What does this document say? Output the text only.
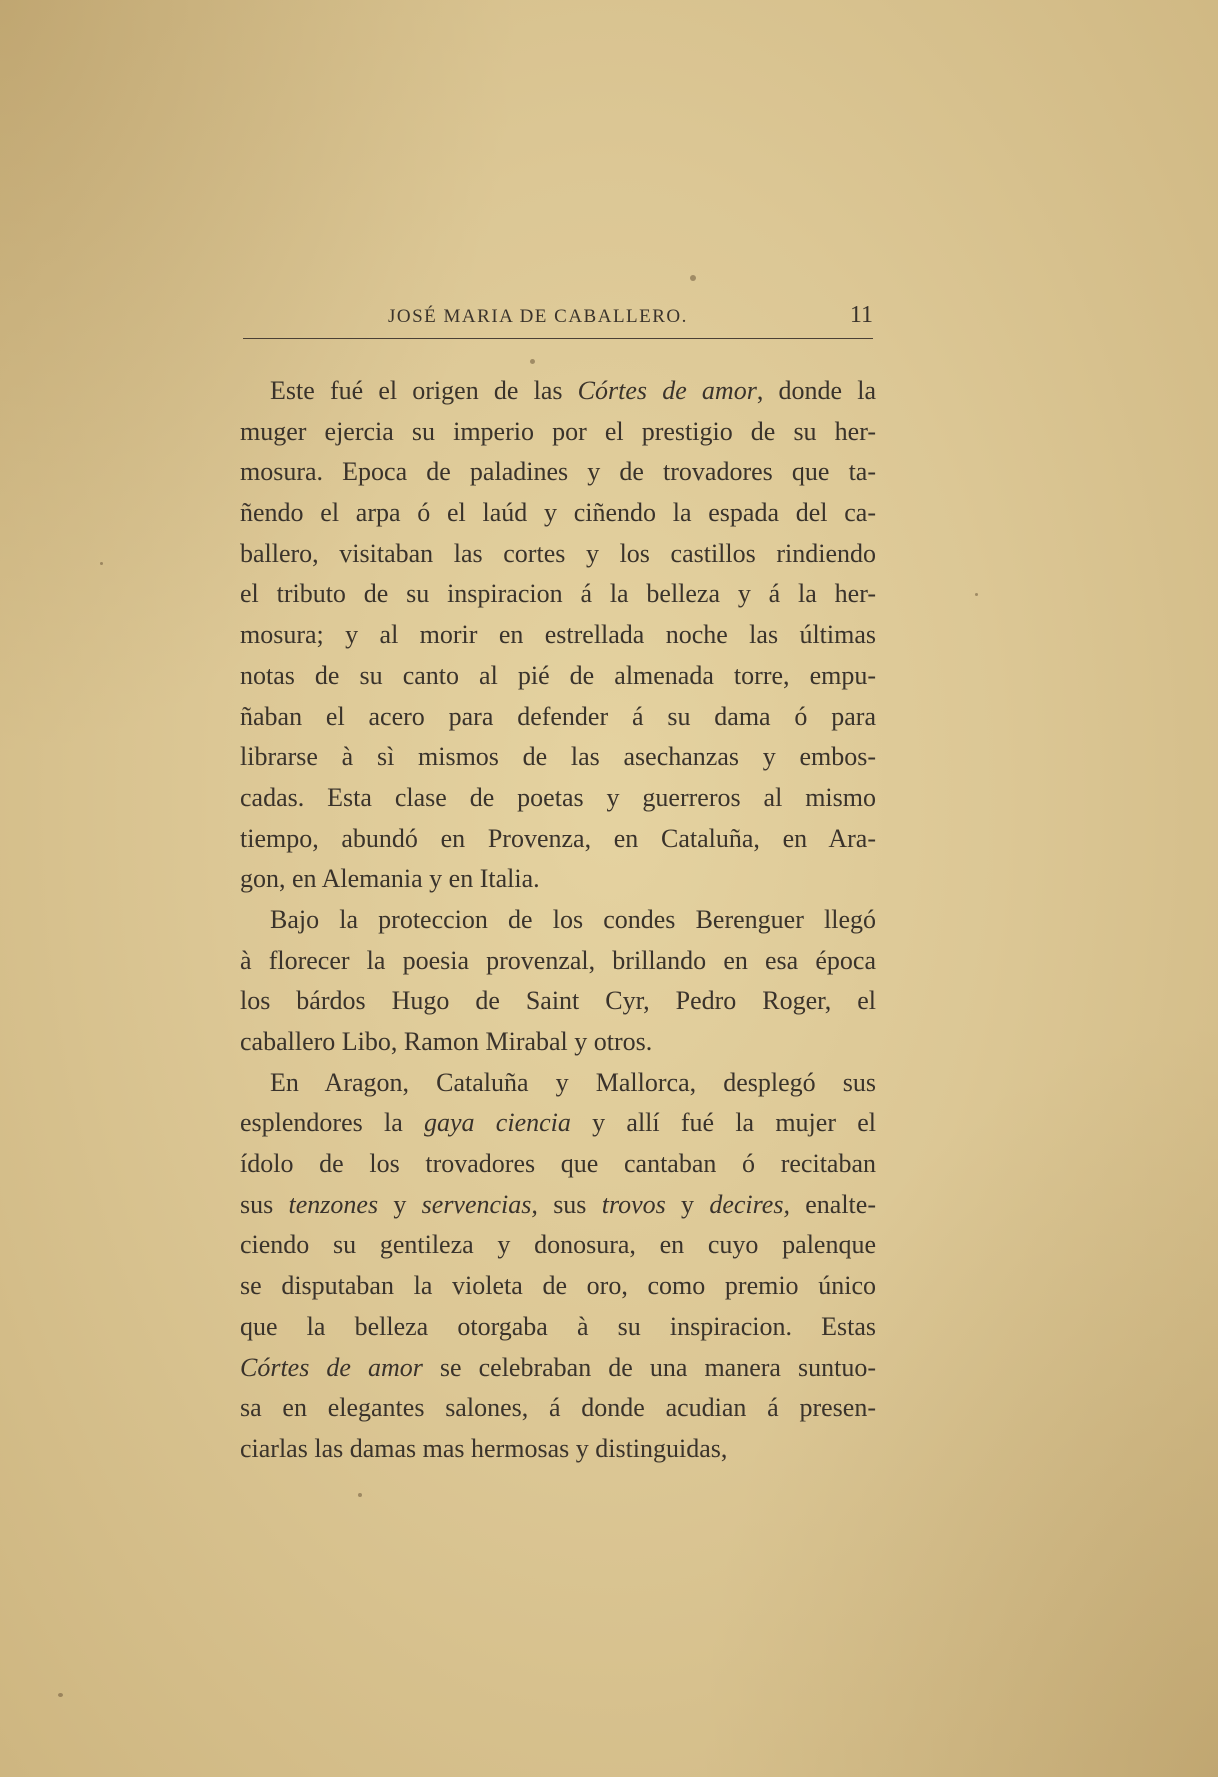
JOSÉ MARIA DE CABALLERO.	11
Este fué el origen de las Córtes de amor, donde la
muger ejercia su imperio por el prestigio de su her-
mosura. Epoca de paladines y de trovadores que ta-
ñendo el arpa ó el laúd y ciñendo la espada del ca-
ballero, visitaban las cortes y los castillos rindiendo
el tributo de su inspiracion á la belleza y á la her-
mosura; y al morir en estrellada noche las últimas
notas de su canto al pié de almenada torre, empu-
ñaban el acero para defender á su dama ó para
librarse à sì mismos de las asechanzas y embos-
cadas. Esta clase de poetas y guerreros al mismo
tiempo, abundó en Provenza, en Cataluña, en Ara-
gon, en Alemania y en Italia.
Bajo la proteccion de los condes Berenguer llegó
à florecer la poesia provenzal, brillando en esa época
los bárdos Hugo de Saint Cyr, Pedro Roger, el
caballero Libo, Ramon Mirabal y otros.
En Aragon, Cataluña y Mallorca, desplegó sus
esplendores la gaya ciencia y allí fué la mujer el
ídolo de los trovadores que cantaban ó recitaban
sus tenzones y servencias, sus trovos y decires, enalte-
ciendo su gentileza y donosura, en cuyo palenque
se disputaban la violeta de oro, como premio único
que la belleza otorgaba à su inspiracion. Estas
Córtes de amor se celebraban de una manera suntuo-
sa en elegantes salones, á donde acudian á presen-
ciarlas las damas mas hermosas y distinguidas,
